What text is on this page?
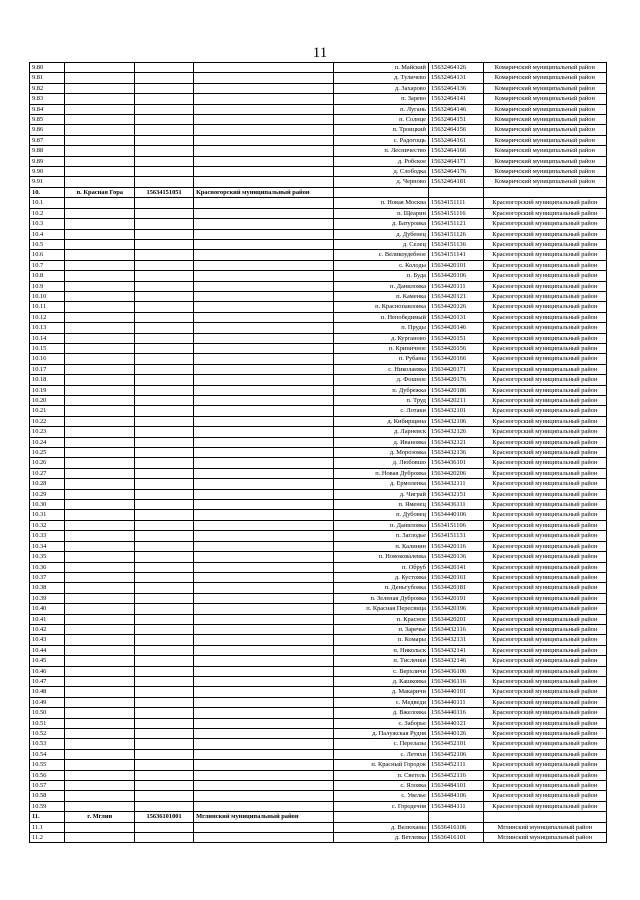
11
9.80				п. Майский	15632464126	Комаричский муниципальный район
9.81				д. Туличево	15632464131	Комаричский муниципальный район
9.82				д. Захарово	15632464136	Комаричский муниципальный район
9.83				п. Зарево	15632464141	Комаричский муниципальный район
9.84				п. Лугань	15632464146	Комаричский муниципальный район
9.85				п. Солнце	15632464151	Комаричский муниципальный район
9.86				п. Троицкий	15632464156	Комаричский муниципальный район
9.87				с. Радогощь	15632464161	Комаричский муниципальный район
9.88				п. Лесничество	15632464166	Комаричский муниципальный район
9.89				д. Робское	15632464171	Комаричский муниципальный район
9.90				д. Слободка	15632464176	Комаричский муниципальный район
9.91				д. Черново	15632464181	Комаричский муниципальный район
10.	п. Красная Гора	15634151051	Красногорский муниципальный район			
10.1				п. Новая Москва	15634151111	Красногорский муниципальный район
10.2				п. Щеарин	15634151116	Красногорский муниципальный район
10.3				д. Батуровка	15634151121	Красногорский муниципальный район
10.4				д. Дубенец	15634151126	Красногорский муниципальный район
10.5				д. Селец	15634151136	Красногорский муниципальный район
10.6				с. Великоудебное	15634151141	Красногорский муниципальный район
10.7				с. Колоды	15634420101	Красногорский муниципальный район
10.8				п. Буда	15634420106	Красногорский муниципальный район
10.9				п. Даниловка	15634420111	Красногорский муниципальный район
10.10				п. Каменка	15634420121	Красногорский муниципальный район
10.11				п. Краснопавловка	15634420126	Красногорский муниципальный район
10.12				п. Непобедимый	15634420131	Красногорский муниципальный район
10.13				п. Пруды	15634420146	Красногорский муниципальный район
10.14				д. Курганово	15634420151	Красногорский муниципальный район
10.15				п. Криничное	15634420156	Красногорский муниципальный район
10.16				п. Рубаны	15634420166	Красногорский муниципальный район
10.17				с. Николаевка	15634420171	Красногорский муниципальный район
10.18				д. Фошное	15634420176	Красногорский муниципальный район
10.19				п. Дубрежка	15634420186	Красногорский муниципальный район
10.20				п. Труд	15634420211	Красногорский муниципальный район
10.21				с. Лотаки	15634432101	Красногорский муниципальный район
10.22				д. Кибирщина	15634432106	Красногорский муниципальный район
10.23				д. Ларневск	15634432126	Красногорский муниципальный район
10.24				д. Ивановка	15634432121	Красногорский муниципальный район
10.25				д. Морозовка	15634432136	Красногорский муниципальный район
10.26				д. Любовшо	15634436101	Красногорский муниципальный район
10.27				п. Новая Дубровка	15634420206	Красногорский муниципальный район
10.28				д. Ермоленка	15634432111	Красногорский муниципальный район
10.29				д. Чиграй	15634432151	Красногорский муниципальный район
10.30				п. Яменец	15634436111	Красногорский муниципальный район
10.31				п. Дубовец	15634440106	Красногорский муниципальный район
10.32				п. Даниловка	15634151106	Красногорский муниципальный район
10.33				п. Заглодье	15634151131	Красногорский муниципальный район
10.34				п. Калинин	15634420116	Красногорский муниципальный район
10.35				п. Новоковалевка	15634420136	Красногорский муниципальный район
10.36				п. Обруб	15634420141	Красногорский муниципальный район
10.37				д. Кустовка	15634420161	Красногорский муниципальный район
10.38				п. Деньгубовка	15634420181	Красногорский муниципальный район
10.39				п. Зеленая Дубровка	15634420191	Красногорский муниципальный район
10.40				п. Красная Пересвица	15634420196	Красногорский муниципальный район
10.41				п. Красное	15634420201	Красногорский муниципальный район
10.42				п. Заречье	15634432116	Красногорский муниципальный район
10.43				п. Комары	15634432131	Красногорский муниципальный район
10.44				п. Никольск	15634432141	Красногорский муниципальный район
10.45				п. Тисленки	15634432146	Красногорский муниципальный район
10.46				с. Верхличи	15634436106	Красногорский муниципальный район
10.47				д. Кашковка	15634436116	Красногорский муниципальный район
10.48				д. Макаричи	15634440101	Красногорский муниципальный район
10.49				с. Медведи	15634440111	Красногорский муниципальный район
10.50				д. Вжеловка	15634440116	Красногорский муниципальный район
10.51				с. Заборье	15634440121	Красногорский муниципальный район
10.52				д. Палужская Рудня	15634440126	Красногорский муниципальный район
10.53				с. Перелазы	15634452101	Красногорский муниципальный район
10.54				с. Летяхи	15634452106	Красногорский муниципальный район
10.55				п. Красный Городок	15634452111	Красногорский муниципальный район
10.56				п. Светель	15634452116	Красногорский муниципальный район
10.57				с. Яловка	15634484101	Красногорский муниципальный район
10.58				с. Увелье	15634484106	Красногорский муниципальный район
10.59				с. Городечня	15634484111	Красногорский муниципальный район
11.	г. Мглин	15636101001	Мглинский муниципальный район			
11.1				д. Велюханы	15636416106	Мглинский муниципальный район
11.2				д. Ветлевка	15636416101	Мглинский муниципальный район
